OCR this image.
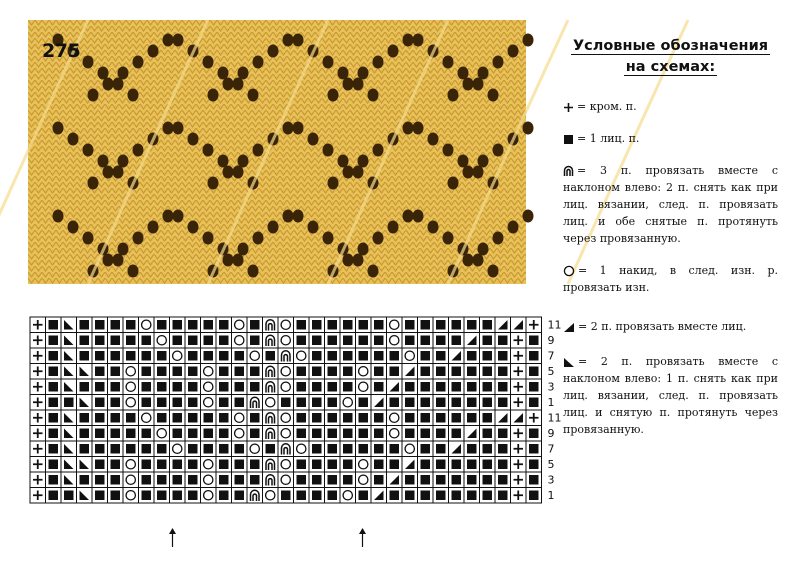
275
11
9
7
5
3
1
11
9
7
5
3
1
Условные обозначения
на схемах:
= кром. п.
= 1 лиц. п.
= 3 п. провязать вместе с наклоном влево: 2 п. снять как при лиц. вязании, след. п. провязать лиц. и обе снятые п. протянуть через провязанную.
= 1 накид, в след. изн. р. провязать изн.
= 2 п. провязать вместе лиц.
= 2 п. провязать вместе с наклоном влево: 1 п. снять как при лиц. вязании, след. п. провязать лиц. и снятую п. протянуть через провязанную.
